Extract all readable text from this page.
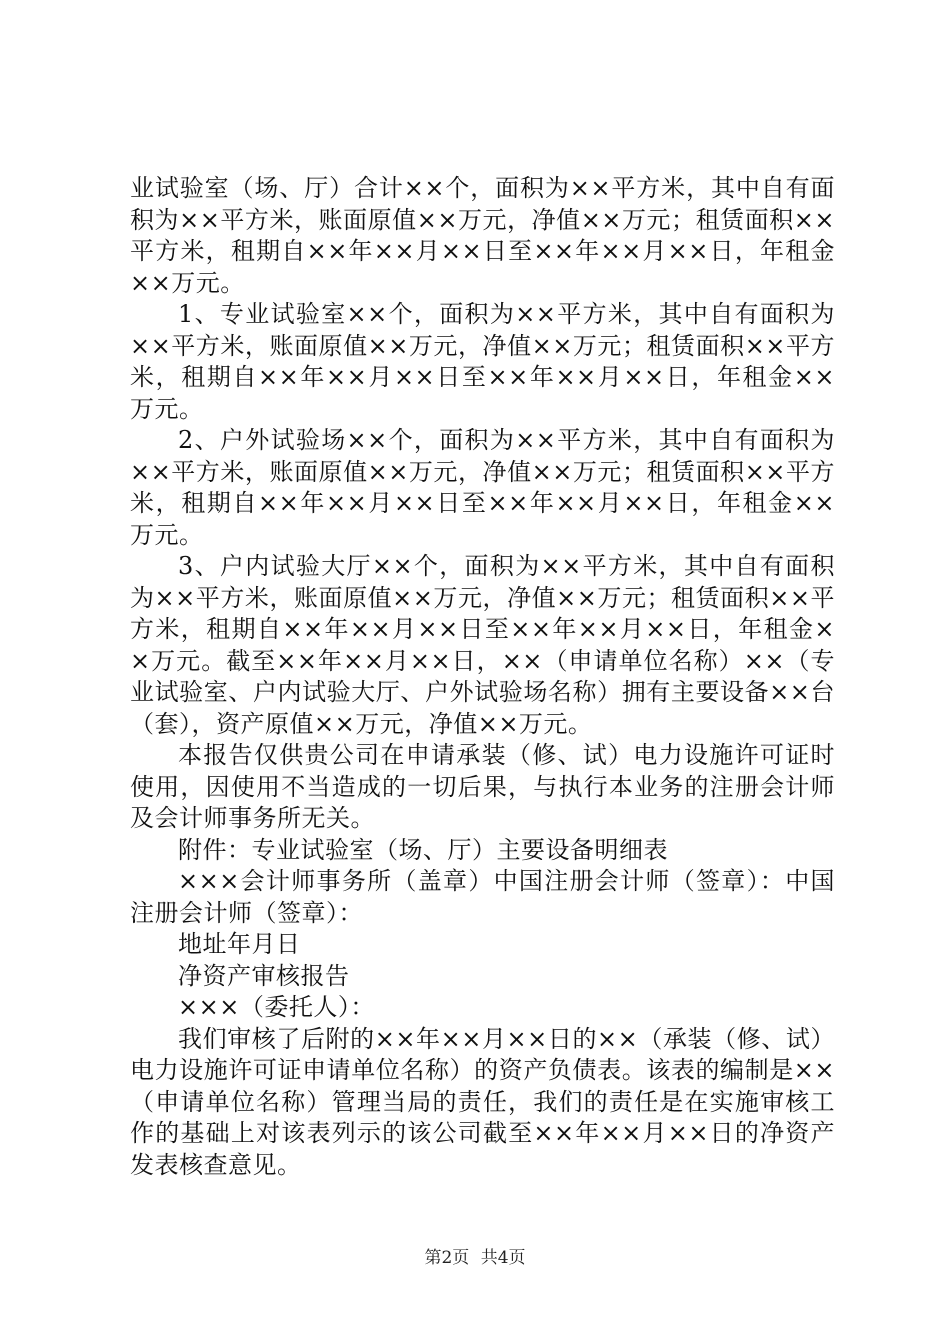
业试验室（场、厅）合计××个，面积为××平方米，其中自有面积为××平方米，账面原值××万元，净值××万元；租赁面积××平方米，租期自××年××月××日至××年××月××日，年租金××万元。

1、专业试验室××个，面积为××平方米，其中自有面积为××平方米，账面原值××万元，净值××万元；租赁面积××平方米，租期自××年××月××日至××年××月××日，年租金××万元。

2、户外试验场××个，面积为××平方米，其中自有面积为××平方米，账面原值××万元，净值××万元；租赁面积××平方米，租期自××年××月××日至××年××月××日，年租金××万元。

3、户内试验大厅××个，面积为××平方米，其中自有面积为××平方米，账面原值××万元，净值××万元；租赁面积××平方米，租期自××年××月××日至××年××月××日，年租金××万元。截至××年××月××日，××（申请单位名称）××（专业试验室、户内试验大厅、户外试验场名称）拥有主要设备××台（套），资产原值××万元，净值××万元。

本报告仅供贵公司在申请承装（修、试）电力设施许可证时使用，因使用不当造成的一切后果，与执行本业务的注册会计师及会计师事务所无关。

附件：专业试验室（场、厅）主要设备明细表

×××会计师事务所（盖章）中国注册会计师（签章）：中国注册会计师（签章）：

地址年月日

净资产审核报告

×××（委托人）：

我们审核了后附的××年××月××日的××（承装（修、试）电力设施许可证申请单位名称）的资产负债表。该表的编制是××（申请单位名称）管理当局的责任，我们的责任是在实施审核工作的基础上对该表列示的该公司截至××年××月××日的净资产发表核查意见。

第2页 共4页
